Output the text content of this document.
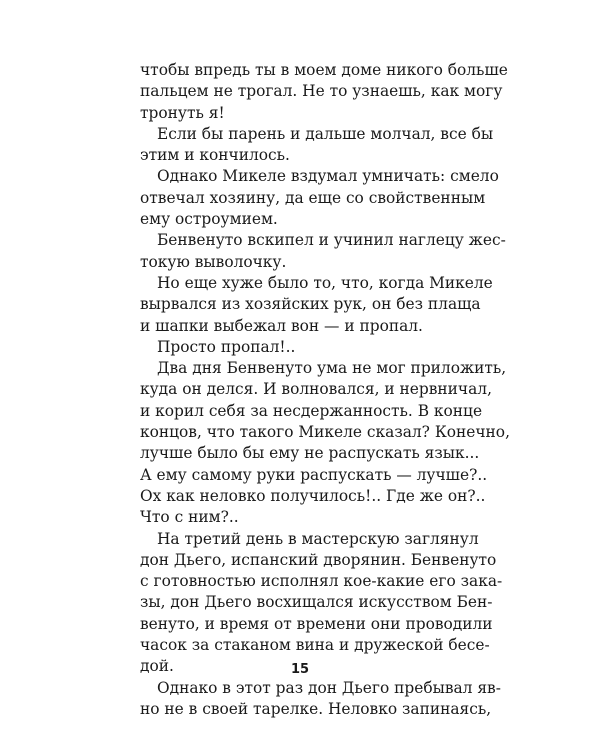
чтобы впредь ты в моем доме никого больше
пальцем не трогал. Не то узнаешь, как могу
тронуть я!
Если бы парень и дальше молчал, все бы
этим и кончилось.
Однако Микеле вздумал умничать: смело
отвечал хозяину, да еще со свойственным
ему остроумием.
Бенвенуто вскипел и учинил наглецу жес-
токую выволочку.
Но еще хуже было то, что, когда Микеле
вырвался из хозяйских рук, он без плаща
и шапки выбежал вон — и пропал.
Просто пропал!..
Два дня Бенвенуто ума не мог приложить,
куда он делся. И волновался, и нервничал,
и корил себя за несдержанность. В конце
концов, что такого Микеле сказал? Конечно,
лучше было бы ему не распускать язык...
А ему самому руки распускать — лучше?..
Ох как неловко получилось!.. Где же он?..
Что с ним?..
На третий день в мастерскую заглянул
дон Дьего, испанский дворянин. Бенвенуто
с готовностью исполнял кое-какие его зака-
зы, дон Дьего восхищался искусством Бен-
венуто, и время от времени они проводили
часок за стаканом вина и дружеской бесе-
дой.
Однако в этот раз дон Дьего пребывал яв-
но не в своей тарелке. Неловко запинаясь,
15
